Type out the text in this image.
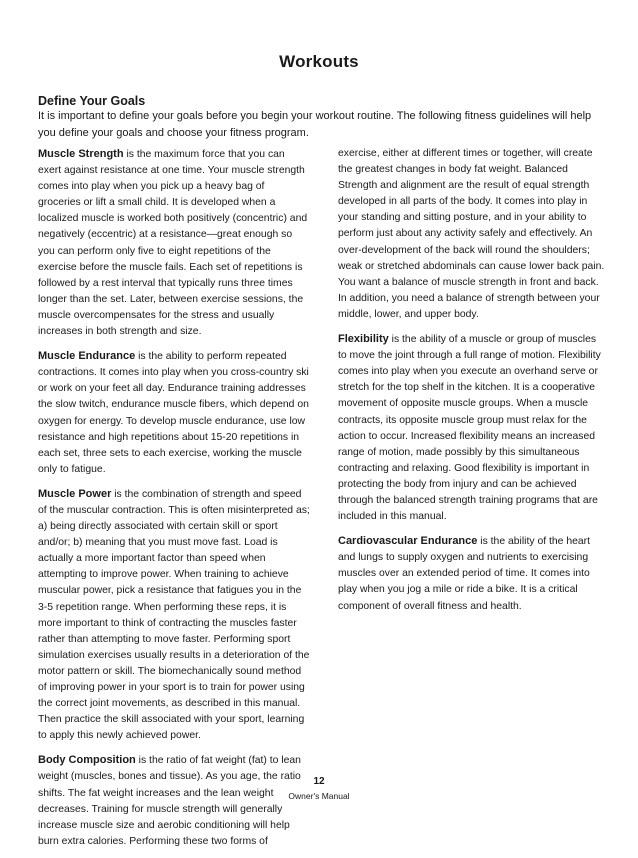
Workouts
Define Your Goals
It is important to define your goals before you begin your workout routine. The following fitness guidelines will help you define your goals and choose your fitness program.

Muscle Strength is the maximum force that you can exert against resistance at one time. Your muscle strength comes into play when you pick up a heavy bag of groceries or lift a small child. It is developed when a localized muscle is worked both positively (concentric) and negatively (eccentric) at a resistance—great enough so you can perform only five to eight repetitions of the exercise before the muscle fails. Each set of repetitions is followed by a rest interval that typically runs three times longer than the set. Later, between exercise sessions, the muscle overcompensates for the stress and usually increases in both strength and size.

Muscle Endurance is the ability to perform repeated contractions. It comes into play when you cross-country ski or work on your feet all day. Endurance training addresses the slow twitch, endurance muscle fibers, which depend on oxygen for energy. To develop muscle endurance, use low resistance and high repetitions about 15-20 repetitions in each set, three sets to each exercise, working the muscle only to fatigue.

Muscle Power is the combination of strength and speed of the muscular contraction. This is often misinterpreted as; a) being directly associated with certain skill or sport and/or; b) meaning that you must move fast. Load is actually a more important factor than speed when attempting to improve power. When training to achieve muscular power, pick a resistance that fatigues you in the 3-5 repetition range. When performing these reps, it is more important to think of contracting the muscles faster rather than attempting to move faster. Performing sport simulation exercises usually results in a deterioration of the motor pattern or skill. The biomechanically sound method of improving power in your sport is to train for power using the correct joint movements, as described in this manual. Then practice the skill associated with your sport, learning to apply this newly achieved power.

Body Composition is the ratio of fat weight (fat) to lean weight (muscles, bones and tissue). As you age, the ratio shifts. The fat weight increases and the lean weight decreases. Training for muscle strength will generally increase muscle size and aerobic conditioning will help burn extra calories. Performing these two forms of

exercise, either at different times or together, will create the greatest changes in body fat weight. Balanced Strength and alignment are the result of equal strength developed in all parts of the body. It comes into play in your standing and sitting posture, and in your ability to perform just about any activity safely and effectively. An over-development of the back will round the shoulders; weak or stretched abdominals can cause lower back pain. You want a balance of muscle strength in front and back. In addition, you need a balance of strength between your middle, lower, and upper body.

Flexibility is the ability of a muscle or group of muscles to move the joint through a full range of motion. Flexibility comes into play when you execute an overhand serve or stretch for the top shelf in the kitchen. It is a cooperative movement of opposite muscle groups. When a muscle contracts, its opposite muscle group must relax for the action to occur. Increased flexibility means an increased range of motion, made possibly by this simultaneous contracting and relaxing. Good flexibility is important in protecting the body from injury and can be achieved through the balanced strength training programs that are included in this manual.

Cardiovascular Endurance is the ability of the heart and lungs to supply oxygen and nutrients to exercising muscles over an extended period of time. It comes into play when you jog a mile or ride a bike. It is a critical component of overall fitness and health.

12
Owner's Manual
